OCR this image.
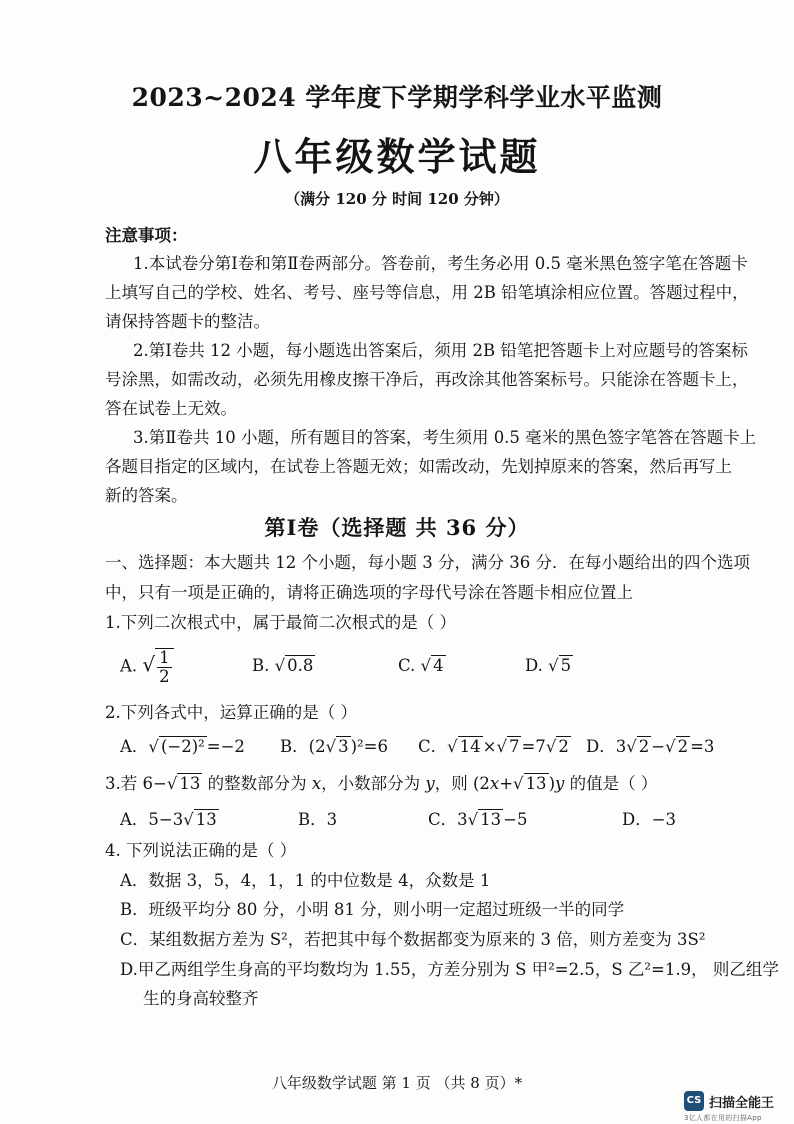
2023~2024 学年度下学期学科学业水平监测
八年级数学试题
（满分 120 分 时间 120 分钟）
注意事项：
1.本试卷分第Ⅰ卷和第Ⅱ卷两部分。答卷前，考生务必用 0.5 毫米黑色签字笔在答题卡
上填写自己的学校、姓名、考号、座号等信息，用 2B 铅笔填涂相应位置。答题过程中，
请保持答题卡的整洁。
2.第Ⅰ卷共 12 小题，每小题选出答案后，须用 2B 铅笔把答题卡上对应题号的答案标
号涂黑，如需改动，必须先用橡皮擦干净后，再改涂其他答案标号。只能涂在答题卡上，
答在试卷上无效。
3.第Ⅱ卷共 10 小题，所有题目的答案，考生须用 0.5 毫米的黑色签字笔答在答题卡上
各题目指定的区域内，在试卷上答题无效；如需改动，先划掉原来的答案，然后再写上
新的答案。
第Ⅰ卷（选择题 共 36 分）
一、选择题：本大题共 12 个小题，每小题 3 分，满分 36 分．在每小题给出的四个选项
中，只有一项是正确的，请将正确选项的字母代号涂在答题卡相应位置上
1.下列二次根式中，属于最简二次根式的是（ ）
A. √ $\frac{1}{2}$	B. √ 0.8	C. √ 4	D. √ 5
2.下列各式中，运算正确的是（ ）
A．√ (−2)² =−2 B．(2√ 3 )²=6 C．√ 14 ×√ 7 =7√ 2 D．3√ 2 −√ 2 =3
3.若 6−√ 13 的整数部分为 x，小数部分为 y，则 (2x+√ 13 )y 的值是（ ）
A．5−3√ 13	B．3	C．3√ 13 −5	D．−3
4. 下列说法正确的是（ ）
A．数据 3，5，4，1，1 的中位数是 4，众数是 1
B．班级平均分 80 分，小明 81 分，则小明一定超过班级一半的同学
C．某组数据方差为 S²，若把其中每个数据都变为原来的 3 倍，则方差变为 3S²
D.甲乙两组学生身高的平均数均为 1.55，方差分别为 S 甲²=2.5，S 乙²=1.9， 则乙组学
生的身高较整齐
八年级数学试题 第 1 页 （共 8 页）*
CS 扫描全能王
3亿人都在用的扫描App
